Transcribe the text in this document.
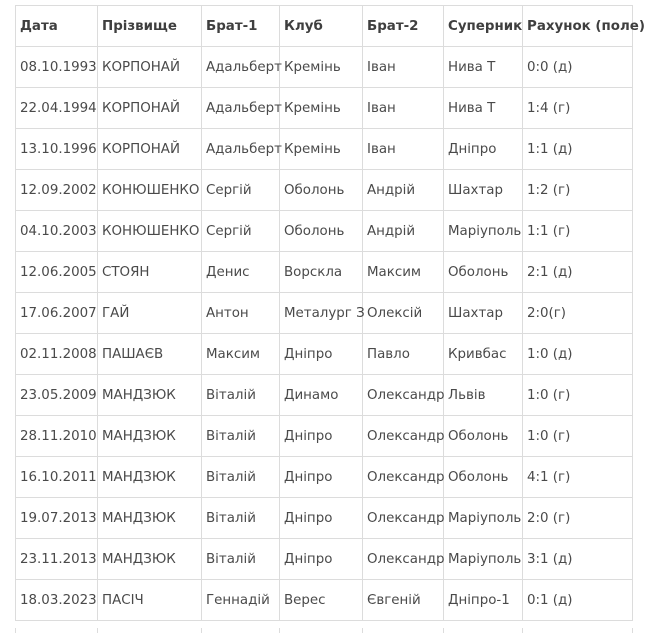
Дата	Прізвище	Брат-1	Клуб	Брат-2	Суперник	Рахунок (поле)
08.10.1993	КОРПОНАЙ	Адальберт	Кремінь	Іван	Нива Т	0:0 (д)
22.04.1994	КОРПОНАЙ	Адальберт	Кремінь	Іван	Нива Т	1:4 (г)
13.10.1996	КОРПОНАЙ	Адальберт	Кремінь	Іван	Дніпро	1:1 (д)
12.09.2002	КОНЮШЕНКО	Сергій	Оболонь	Андрій	Шахтар	1:2 (г)
04.10.2003	КОНЮШЕНКО	Сергій	Оболонь	Андрій	Маріуполь	1:1 (г)
12.06.2005	СТОЯН	Денис	Ворскла	Максим	Оболонь	2:1 (д)
17.06.2007	ГАЙ	Антон	Металург З	Олексій	Шахтар	2:0(г)
02.11.2008	ПАШАЄВ	Максим	Дніпро	Павло	Кривбас	1:0 (д)
23.05.2009	МАНДЗЮК	Віталій	Динамо	Олександр	Львів	1:0 (г)
28.11.2010	МАНДЗЮК	Віталій	Дніпро	Олександр	Оболонь	1:0 (г)
16.10.2011	МАНДЗЮК	Віталій	Дніпро	Олександр	Оболонь	4:1 (г)
19.07.2013	МАНДЗЮК	Віталій	Дніпро	Олександр	Маріуполь	2:0 (г)
23.11.2013	МАНДЗЮК	Віталій	Дніпро	Олександр	Маріуполь	3:1 (д)
18.03.2023	ПАСІЧ	Геннадій	Верес	Євгеній	Дніпро-1	0:1 (д)
